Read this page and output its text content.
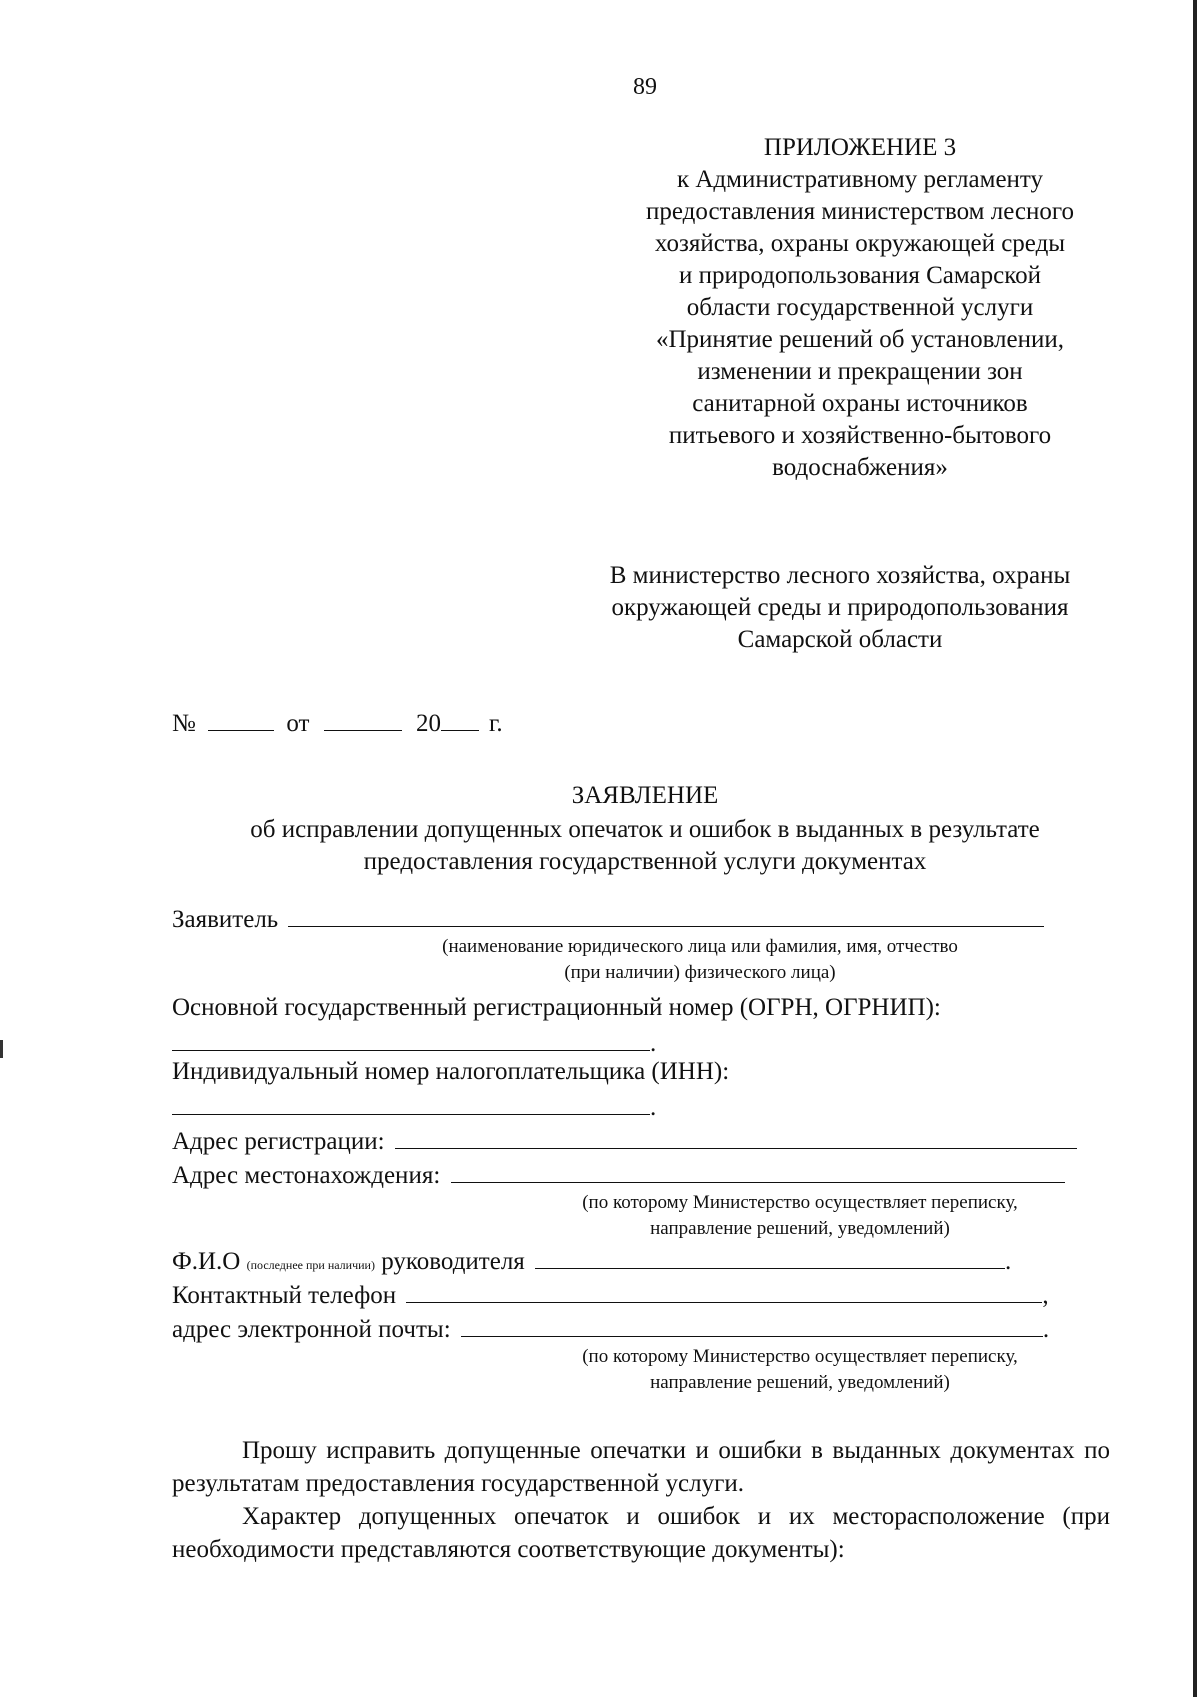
89
ПРИЛОЖЕНИЕ 3
к Административному регламенту
предоставления министерством лесного
хозяйства, охраны окружающей среды
и природопользования Самарской
области государственной услуги
«Принятие решений об установлении,
изменении и прекращении зон
санитарной охраны источников
питьевого и хозяйственно-бытового
водоснабжения»
В министерство лесного хозяйства, охраны
окружающей среды и природопользования
Самарской области
№	от	20 г.
ЗАЯВЛЕНИЕ
об исправлении допущенных опечаток и ошибок в выданных в результате
предоставления государственной услуги документах
Заявитель
(наименование юридического лица или фамилия, имя, отчество
(при наличии) физического лица)
Основной государственный регистрационный номер (ОГРН, ОГРНИП):
.
Индивидуальный номер налогоплательщика (ИНН):
.
Адрес регистрации:
Адрес местонахождения:
(по которому Министерство осуществляет переписку,
направление решений, уведомлений)
Ф.И.О (последнее при наличии) руководителя	.
Контактный телефон	,
адрес электронной почты:	.
(по которому Министерство осуществляет переписку,
направление решений, уведомлений)
Прошу исправить допущенные опечатки и ошибки в выданных документах по результатам предоставления государственной услуги.
Характер допущенных опечаток и ошибок и их месторасположение (при необходимости представляются соответствующие документы):
